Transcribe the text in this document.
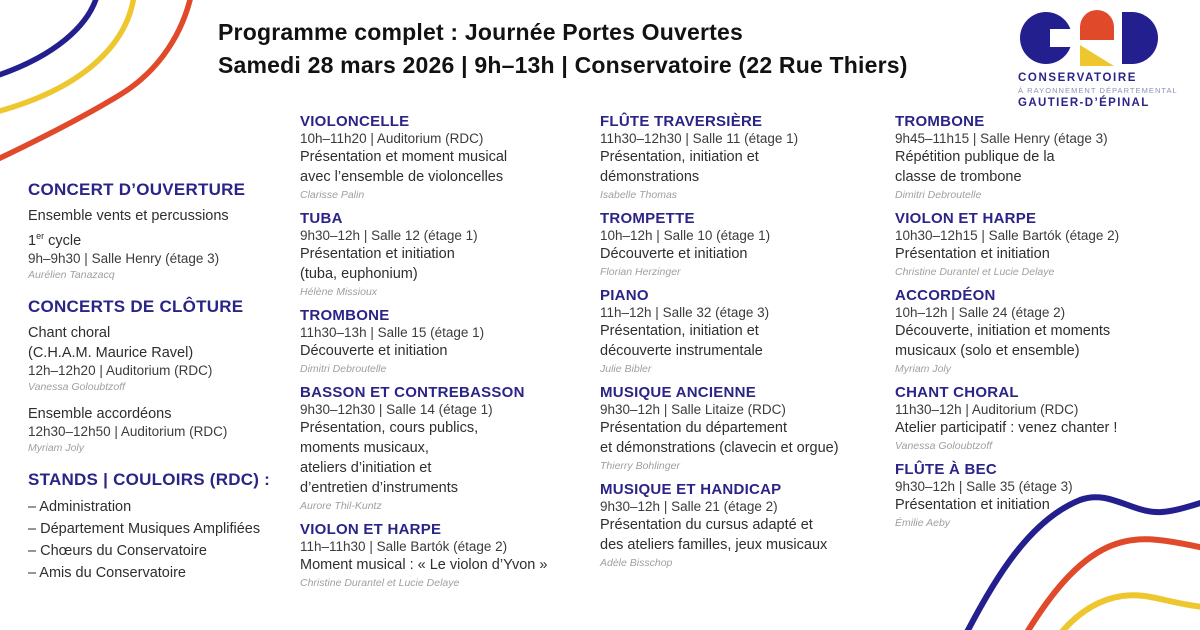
Programme complet : Journée Portes Ouvertes
Samedi 28 mars 2026 | 9h–13h | Conservatoire (22 Rue Thiers)	CONSERVATOIRE
À RAYONNEMENT DÉPARTEMENTAL
GAUTIER-D’ÉPINAL
CONCERT D’OUVERTURE
Ensemble vents et percussions
1er cycle
9h–9h30 | Salle Henry (étage 3)
Aurélien Tanazacq
CONCERTS DE CLÔTURE
Chant choral
(C.H.A.M. Maurice Ravel)
12h–12h20 | Auditorium (RDC)
Vanessa Goloubtzoff
Ensemble accordéons
12h30–12h50 | Auditorium (RDC)
Myriam Joly
STANDS | COULOIRS (RDC) :
– Administration
– Département Musiques Amplifiées
– Chœurs du Conservatoire
– Amis du Conservatoire
VIOLONCELLE
10h–11h20 | Auditorium (RDC)
Présentation et moment musical
avec l’ensemble de violoncelles
Clarisse Palin
TUBA
9h30–12h | Salle 12 (étage 1)
Présentation et initiation
(tuba, euphonium)
Hélène Missioux
TROMBONE
11h30–13h | Salle 15 (étage 1)
Découverte et initiation
Dimitri Debroutelle
BASSON ET CONTREBASSON
9h30–12h30 | Salle 14 (étage 1)
Présentation, cours publics,
moments musicaux,
ateliers d’initiation et
d’entretien d’instruments
Aurore Thil-Kuntz
VIOLON ET HARPE
11h–11h30 | Salle Bartók (étage 2)
Moment musical : « Le violon d’Yvon »
Christine Durantel et Lucie Delaye
FLÛTE TRAVERSIÈRE
11h30–12h30 | Salle 11 (étage 1)
Présentation, initiation et
démonstrations
Isabelle Thomas
TROMPETTE
10h–12h | Salle 10 (étage 1)
Découverte et initiation
Florian Herzinger
PIANO
11h–12h | Salle 32 (étage 3)
Présentation, initiation et
découverte instrumentale
Julie Bibler
MUSIQUE ANCIENNE
9h30–12h | Salle Litaize (RDC)
Présentation du département
et démonstrations (clavecin et orgue)
Thierry Bohlinger
MUSIQUE ET HANDICAP
9h30–12h | Salle 21 (étage 2)
Présentation du cursus adapté et
des ateliers familles, jeux musicaux
Adèle Bisschop
TROMBONE
9h45–11h15 | Salle Henry (étage 3)
Répétition publique de la
classe de trombone
Dimitri Debroutelle
VIOLON ET HARPE
10h30–12h15 | Salle Bartók (étage 2)
Présentation et initiation
Christine Durantel et Lucie Delaye
ACCORDÉON
10h–12h | Salle 24 (étage 2)
Découverte, initiation et moments
musicaux (solo et ensemble)
Myriam Joly
CHANT CHORAL
11h30–12h | Auditorium (RDC)
Atelier participatif : venez chanter !
Vanessa Goloubtzoff
FLÛTE À BEC
9h30–12h | Salle 35 (étage 3)
Présentation et initiation
Émilie Aeby
